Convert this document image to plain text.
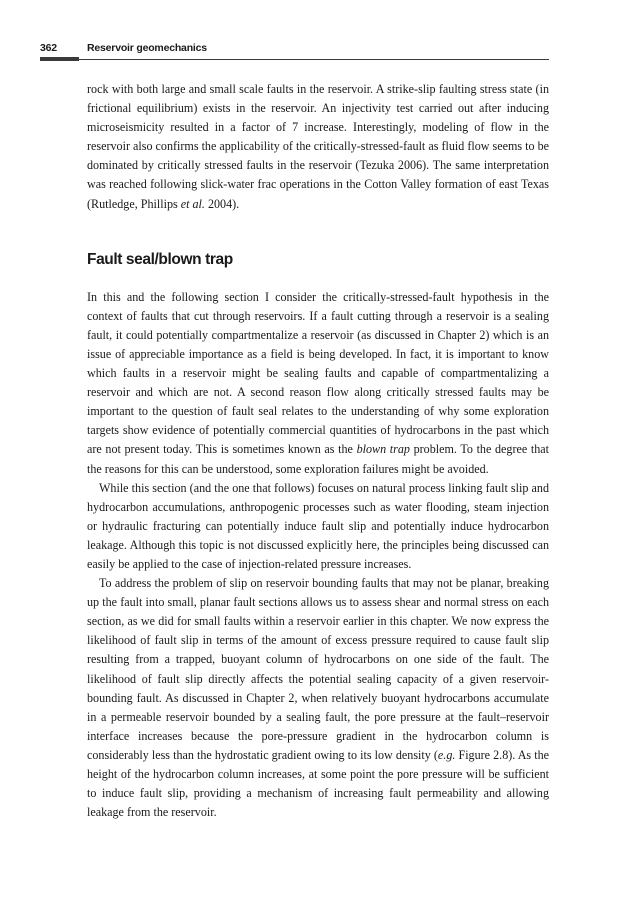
362	Reservoir geomechanics

rock with both large and small scale faults in the reservoir. A strike-slip faulting stress state (in frictional equilibrium) exists in the reservoir. An injectivity test carried out after inducing microseismicity resulted in a factor of 7 increase. Interestingly, modeling of flow in the reservoir also confirms the applicability of the critically-stressed-fault as fluid flow seems to be dominated by critically stressed faults in the reservoir (Tezuka 2006). The same interpretation was reached following slick-water frac operations in the Cotton Valley formation of east Texas (Rutledge, Phillips et al. 2004).

Fault seal/blown trap

In this and the following section I consider the critically-stressed-fault hypothesis in the context of faults that cut through reservoirs. If a fault cutting through a reservoir is a sealing fault, it could potentially compartmentalize a reservoir (as discussed in Chapter 2) which is an issue of appreciable importance as a field is being developed. In fact, it is important to know which faults in a reservoir might be sealing faults and capable of compartmentalizing a reservoir and which are not. A second reason flow along critically stressed faults may be important to the question of fault seal relates to the understanding of why some exploration targets show evidence of potentially commercial quantities of hydrocarbons in the past which are not present today. This is sometimes known as the blown trap problem. To the degree that the reasons for this can be understood, some exploration failures might be avoided.

While this section (and the one that follows) focuses on natural process linking fault slip and hydrocarbon accumulations, anthropogenic processes such as water flooding, steam injection or hydraulic fracturing can potentially induce fault slip and potentially induce hydrocarbon leakage. Although this topic is not discussed explicitly here, the principles being discussed can easily be applied to the case of injection-related pressure increases.

To address the problem of slip on reservoir bounding faults that may not be planar, breaking up the fault into small, planar fault sections allows us to assess shear and normal stress on each section, as we did for small faults within a reservoir earlier in this chapter. We now express the likelihood of fault slip in terms of the amount of excess pressure required to cause fault slip resulting from a trapped, buoyant column of hydrocarbons on one side of the fault. The likelihood of fault slip directly affects the potential sealing capacity of a given reservoir-bounding fault. As discussed in Chapter 2, when relatively buoyant hydrocarbons accumulate in a permeable reservoir bounded by a sealing fault, the pore pressure at the fault–reservoir interface increases because the pore-pressure gradient in the hydrocarbon column is considerably less than the hydrostatic gradient owing to its low density (e.g. Figure 2.8). As the height of the hydrocarbon column increases, at some point the pore pressure will be sufficient to induce fault slip, providing a mechanism of increasing fault permeability and allowing leakage from the reservoir.
